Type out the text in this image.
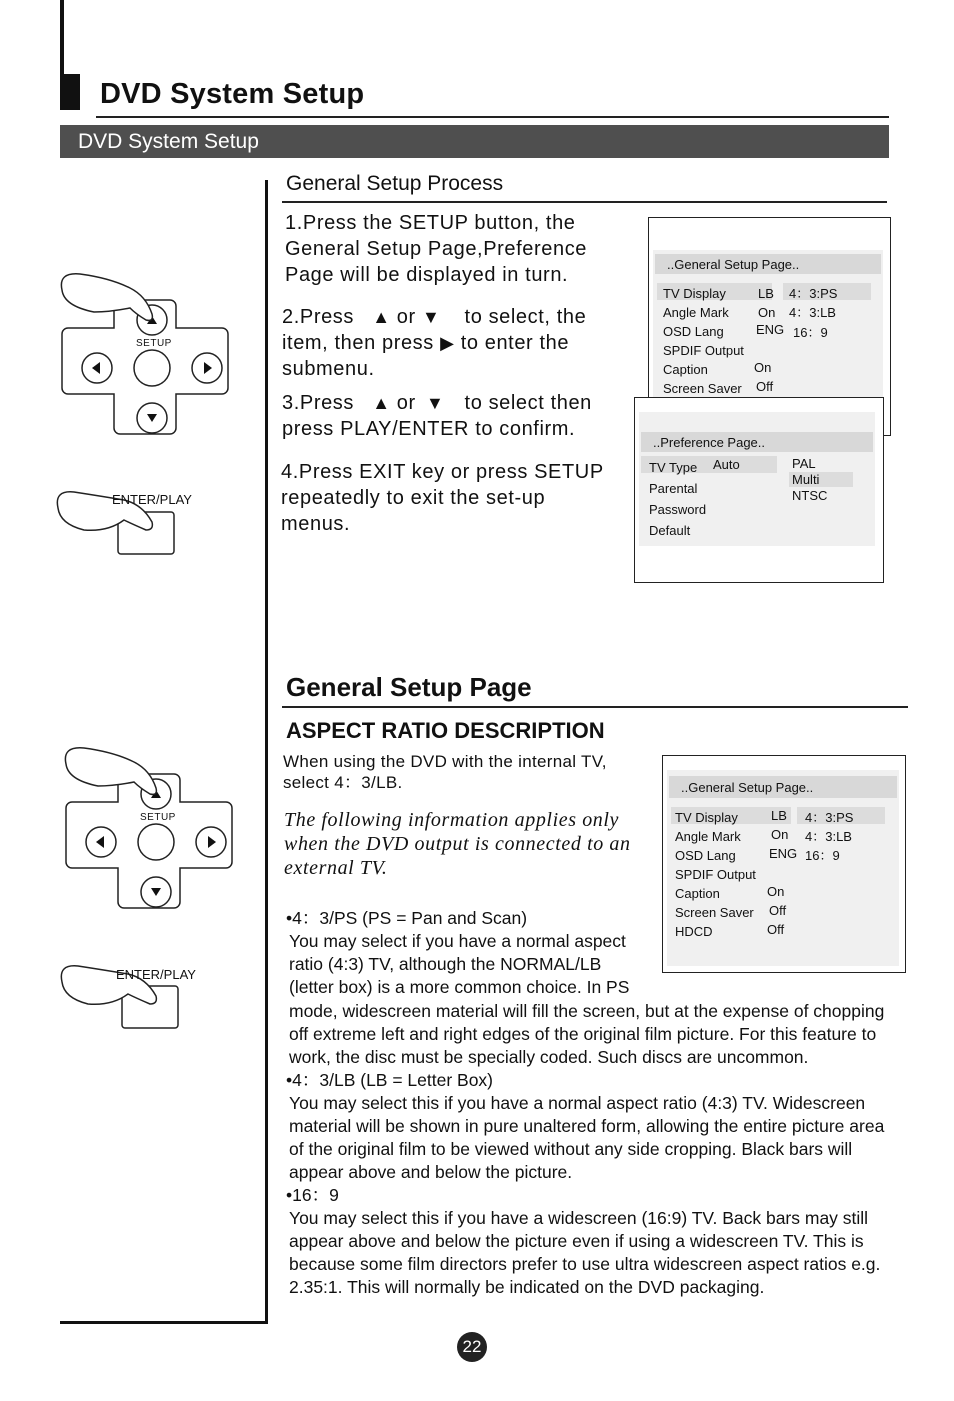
DVD System Setup
DVD System Setup
SETUP
ENTER/PLAY
General Setup Process
1.Press the SETUP button, the
General Setup Page,Preference
Page will be displayed in turn.
2.Press ▲ or ▼ to select, the
item, then press ▶ to enter the
submenu.
3.Press ▲ or ▼ to select then
press PLAY/ENTER to confirm.
4.Press EXIT key or press SETUP
repeatedly to exit the set-up
menus.
..General Setup Page..
TV Display
Angle Mark
OSD Lang
SPDIF Output
Caption
Screen Saver
LB
On
ENG
On
Off
4：3:PS
4：3:LB
16：9
..Preference Page..
TV Type
Parental
Password
Default
Auto	PAL
Multi
NTSC
General Setup Page
ASPECT RATIO DESCRIPTION
When using the DVD with the internal TV,
select 4：3/LB.
The following information applies only
when the DVD output is connected to an
external TV.
SETUP
ENTER/PLAY
..General Setup Page..
TV Display
Angle Mark
OSD Lang
SPDIF Output
Caption
Screen Saver
HDCD
LB
On
ENG
On
Off
Off
4：3:PS
4：3:LB
16：9
•4：3/PS (PS = Pan and Scan)
You may select if you have a normal aspect
ratio (4:3) TV, although the NORMAL/LB
(letter box) is a more common choice. In PS
mode, widescreen material will fill the screen, but at the expense of chopping
off extreme left and right edges of the original film picture. For this feature to
work, the disc must be specially coded. Such discs are uncommon.
•4：3/LB (LB = Letter Box)
You may select this if you have a normal aspect ratio (4:3) TV. Widescreen
material will be shown in pure unaltered form, allowing the entire picture area
of the original film to be viewed without any side cropping. Black bars will
appear above and below the picture.
•16：9
You may select this if you have a widescreen (16:9) TV. Back bars may still
appear above and below the picture even if using a widescreen TV. This is
because some film directors prefer to use ultra widescreen aspect ratios e.g.
2.35:1. This will normally be indicated on the DVD packaging.
22
